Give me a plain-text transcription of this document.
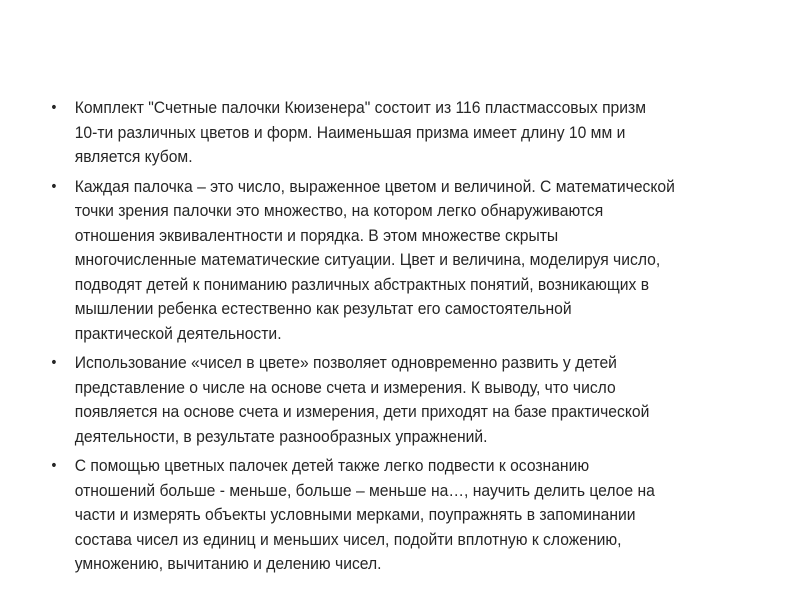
• Комплект "Счетные палочки Кюизенера" состоит из 116 пластмассовых призм
10-ти различных цветов и форм. Наименьшая призма имеет длину 10 мм и
является кубом.
• Каждая палочка – это число, выраженное цветом и величиной. С математической
точки зрения палочки это множество, на котором легко обнаруживаются
отношения эквивалентности и порядка. В этом множестве скрыты
многочисленные математические ситуации. Цвет и величина, моделируя число,
подводят детей к пониманию различных абстрактных понятий, возникающих в
мышлении ребенка естественно как результат его самостоятельной
практической деятельности.
• Использование «чисел в цвете» позволяет одновременно развить у детей
представление о числе на основе счета и измерения. К выводу, что число
появляется на основе счета и измерения, дети приходят на базе практической
деятельности, в результате разнообразных упражнений.
• С помощью цветных палочек детей также легко подвести к осознанию
отношений больше - меньше, больше – меньше на…, научить делить целое на
части и измерять объекты условными мерками, поупражнять в запоминании
состава чисел из единиц и меньших чисел, подойти вплотную к сложению,
умножению, вычитанию и делению чисел.
